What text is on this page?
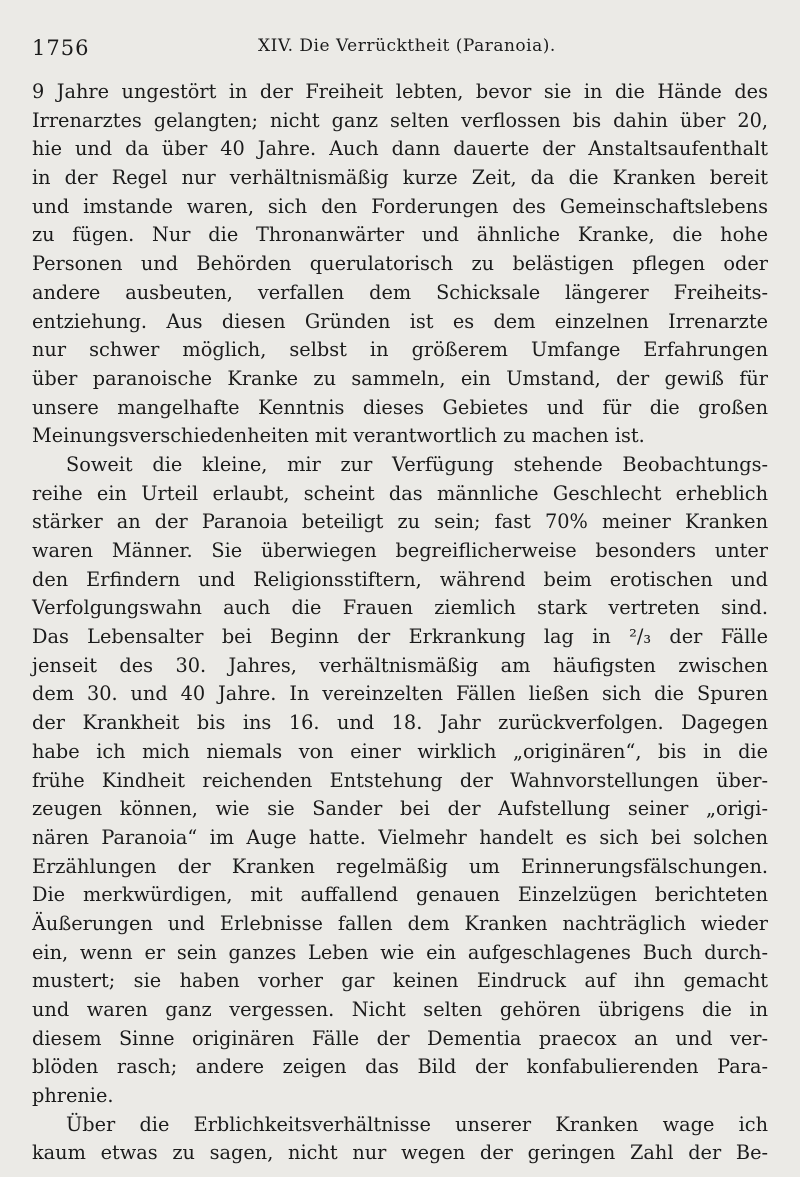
1756	XIV. Die Verrücktheit (Paranoia).
9 Jahre ungestört in der Freiheit lebten, bevor sie in die Hände des
Irrenarztes gelangten; nicht ganz selten verflossen bis dahin über 20,
hie und da über 40 Jahre. Auch dann dauerte der Anstaltsaufenthalt
in der Regel nur verhältnismäßig kurze Zeit, da die Kranken bereit
und imstande waren, sich den Forderungen des Gemeinschaftslebens
zu fügen. Nur die Thronanwärter und ähnliche Kranke, die hohe
Personen und Behörden querulatorisch zu belästigen pflegen oder
andere ausbeuten, verfallen dem Schicksale längerer Freiheits-
entziehung. Aus diesen Gründen ist es dem einzelnen Irrenarzte
nur schwer möglich, selbst in größerem Umfange Erfahrungen
über paranoische Kranke zu sammeln, ein Umstand, der gewiß für
unsere mangelhafte Kenntnis dieses Gebietes und für die großen
Meinungsverschiedenheiten mit verantwortlich zu machen ist.
Soweit die kleine, mir zur Verfügung stehende Beobachtungs-
reihe ein Urteil erlaubt, scheint das männliche Geschlecht erheblich
stärker an der Paranoia beteiligt zu sein; fast 70% meiner Kranken
waren Männer. Sie überwiegen begreiflicherweise besonders unter
den Erfindern und Religionsstiftern, während beim erotischen und
Verfolgungswahn auch die Frauen ziemlich stark vertreten sind.
Das Lebensalter bei Beginn der Erkrankung lag in ²/₃ der Fälle
jenseit des 30. Jahres, verhältnismäßig am häufigsten zwischen
dem 30. und 40 Jahre. In vereinzelten Fällen ließen sich die Spuren
der Krankheit bis ins 16. und 18. Jahr zurückverfolgen. Dagegen
habe ich mich niemals von einer wirklich „originären“, bis in die
frühe Kindheit reichenden Entstehung der Wahnvorstellungen über-
zeugen können, wie sie Sander bei der Aufstellung seiner „origi-
nären Paranoia“ im Auge hatte. Vielmehr handelt es sich bei solchen
Erzählungen der Kranken regelmäßig um Erinnerungsfälschungen.
Die merkwürdigen, mit auffallend genauen Einzelzügen berichteten
Äußerungen und Erlebnisse fallen dem Kranken nachträglich wieder
ein, wenn er sein ganzes Leben wie ein aufgeschlagenes Buch durch-
mustert; sie haben vorher gar keinen Eindruck auf ihn gemacht
und waren ganz vergessen. Nicht selten gehören übrigens die in
diesem Sinne originären Fälle der Dementia praecox an und ver-
blöden rasch; andere zeigen das Bild der konfabulierenden Para-
phrenie.
Über die Erblichkeitsverhältnisse unserer Kranken wage ich
kaum etwas zu sagen, nicht nur wegen der geringen Zahl der Be-
